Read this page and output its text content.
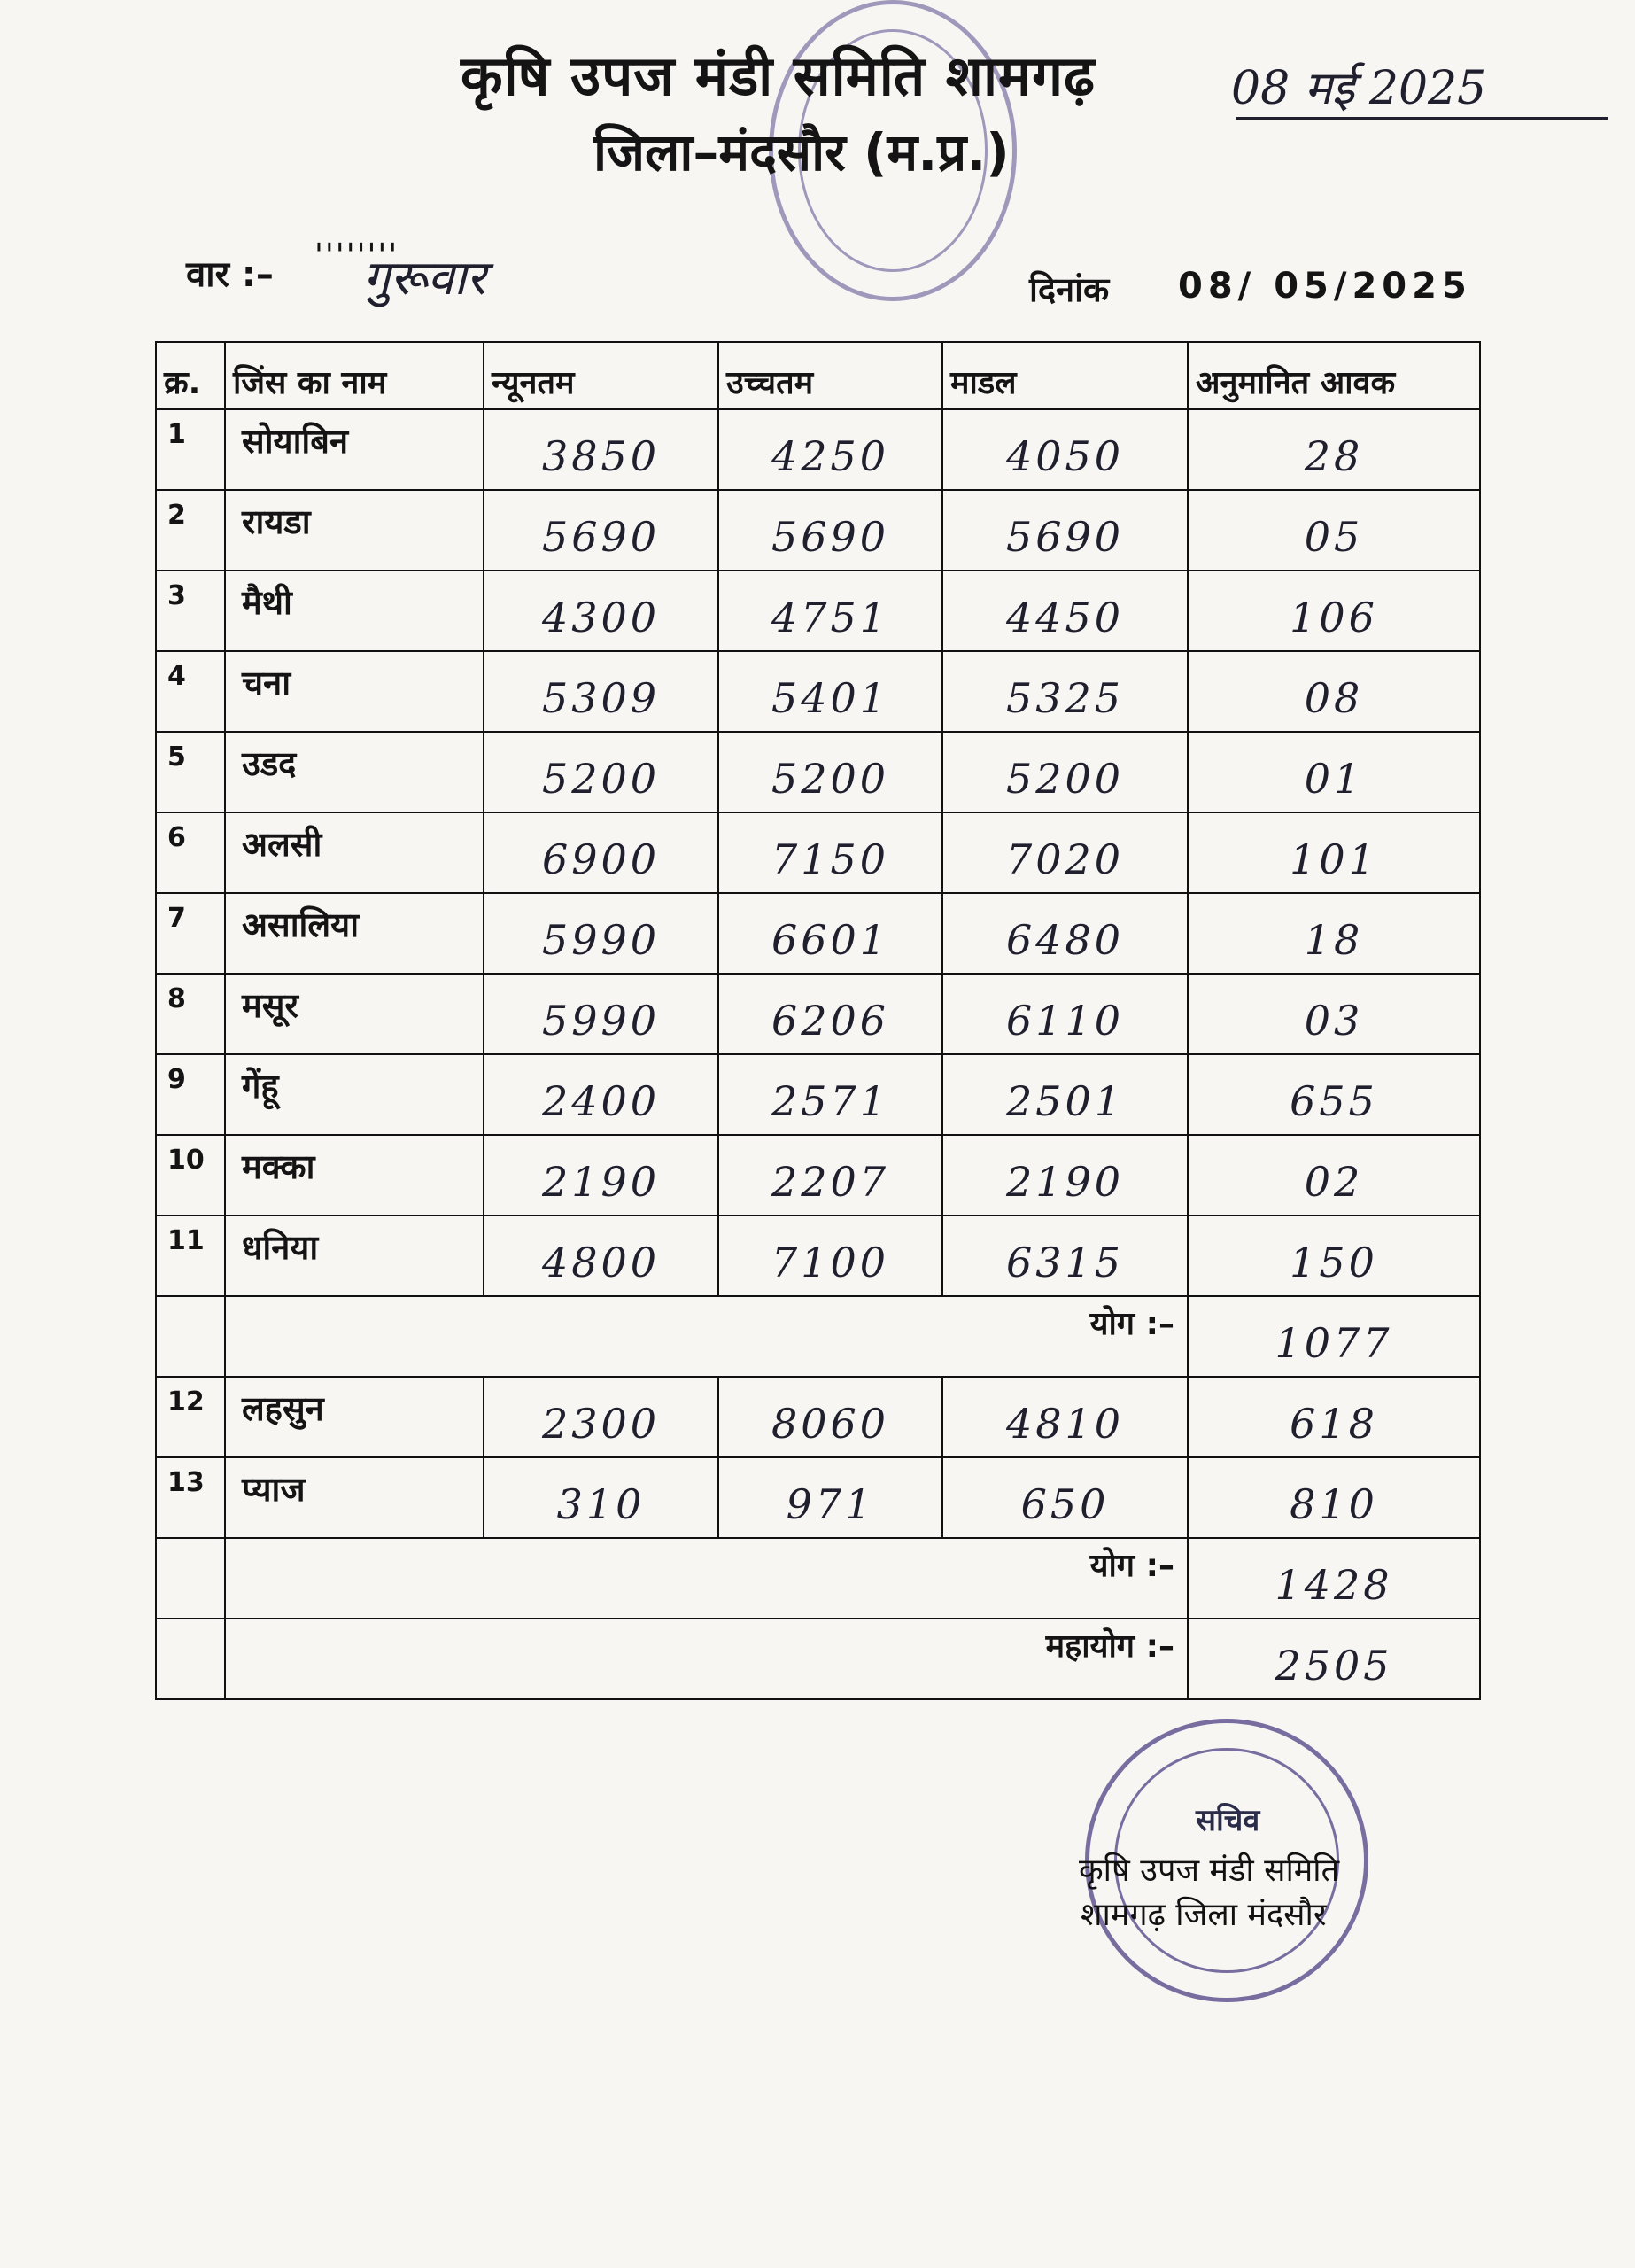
कृषि उपज मंडी समिति शामगढ़
जिला–मंदसौर (म.प्र.)
08 मई 2025
वार :– ''''''''
गुरूवार	दिनांक 08/ 05/2025
क्र.	जिंस का नाम	न्यूनतम	उच्चतम	माडल	अनुमानित आवक

1	सोयाबिन	3850	4250	4050	28

2	रायडा	5690	5690	5690	05

3	मैथी	4300	4751	4450	106

4	चना	5309	5401	5325	08

5	उडद	5200	5200	5200	01

6	अलसी	6900	7150	7020	101

7	असालिया	5990	6601	6480	18

8	मसूर	5990	6206	6110	03

9	गेंहू	2400	2571	2501	655

10	मक्का	2190	2207	2190	02

11	धनिया	4800	7100	6315	150

	योग :–				1077

12	लहसुन	2300	8060	4810	618

13	प्याज	310	971	650	810

	योग :–				1428

	महायोग :–				2505
सचिव
कृषि उपज मंडी समिति
शामगढ़ जिला मंदसौर
